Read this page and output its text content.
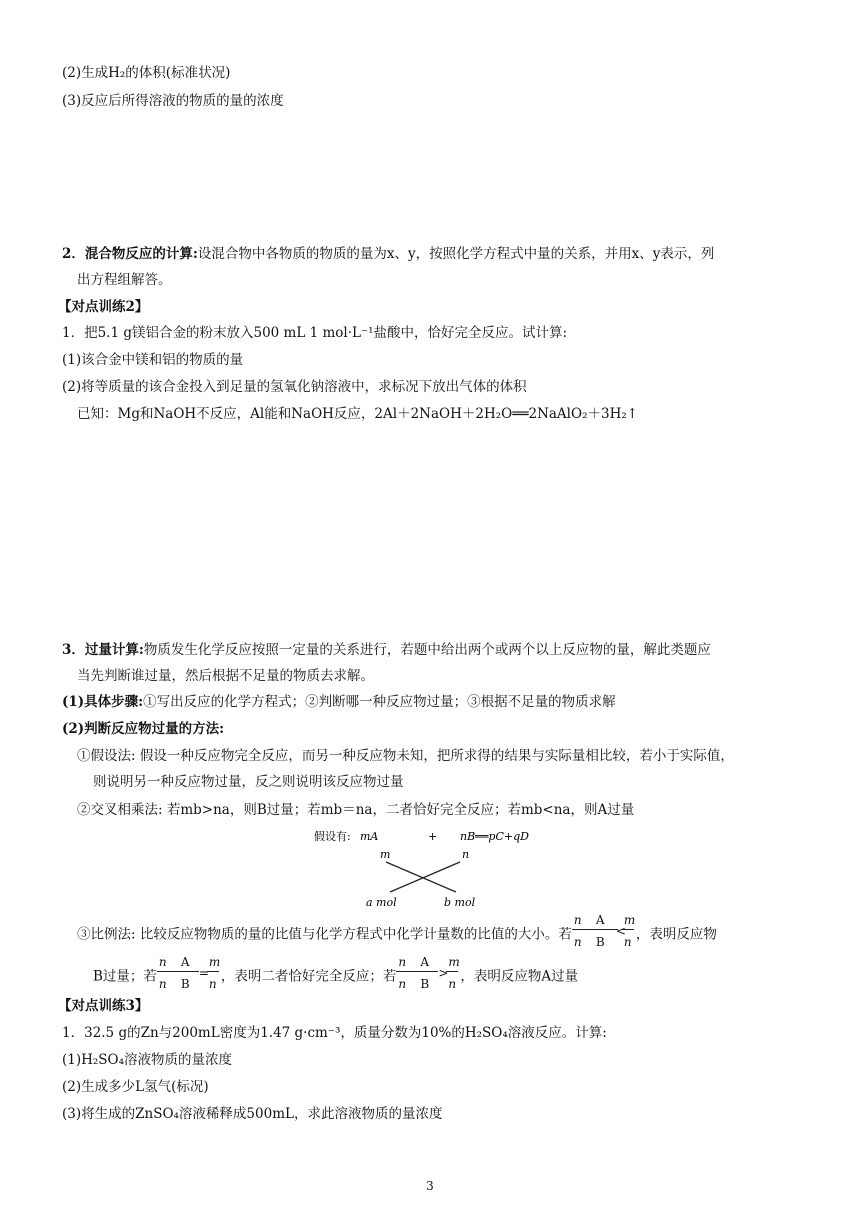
(2)生成H₂的体积(标准状况)
(3)反应后所得溶液的物质的量的浓度
2．混合物反应的计算:设混合物中各物质的物质的量为x、y，按照化学方程式中量的关系，并用x、y表示，列
出方程组解答。
【对点训练2】
1．把5.1 g镁铝合金的粉末放入500 mL 1 mol·L⁻¹盐酸中，恰好完全反应。试计算:
(1)该合金中镁和铝的物质的量
(2)将等质量的该合金投入到足量的氢氧化钠溶液中，求标况下放出气体的体积
已知：Mg和NaOH不反应，Al能和NaOH反应，2Al＋2NaOH＋2H₂O══2NaAlO₂＋3H₂↑
3．过量计算:物质发生化学反应按照一定量的关系进行，若题中给出两个或两个以上反应物的量，解此类题应
当先判断谁过量，然后根据不足量的物质去求解。
(1)具体步骤:①写出反应的化学方程式；②判断哪一种反应物过量；③根据不足量的物质求解
(2)判断反应物过量的方法:
①假设法: 假设一种反应物完全反应，而另一种反应物未知，把所求得的结果与实际量相比较，若小于实际值，
则说明另一种反应物过量，反之则说明该反应物过量
②交叉相乘法: 若mb>na，则B过量；若mb＝na，二者恰好完全反应；若mb<na，则A过量
假设有: mA	+ nB══pC+qD
m	n
a mol	b mol
③比例法: 比较反应物物质的量的比值与化学方程式中化学计量数的比值的大小。若
n A m
n B n
< ，表明反应物
B过量；若
n A m
n B n
= ，表明二者恰好完全反应；若
n A m
n B n
> ，表明反应物A过量
【对点训练3】
1．32.5 g的Zn与200mL密度为1.47 g·cm⁻³，质量分数为10%的H₂SO₄溶液反应。计算:
(1)H₂SO₄溶液物质的量浓度
(2)生成多少L氢气(标况)
(3)将生成的ZnSO₄溶液稀释成500mL，求此溶液物质的量浓度
3
